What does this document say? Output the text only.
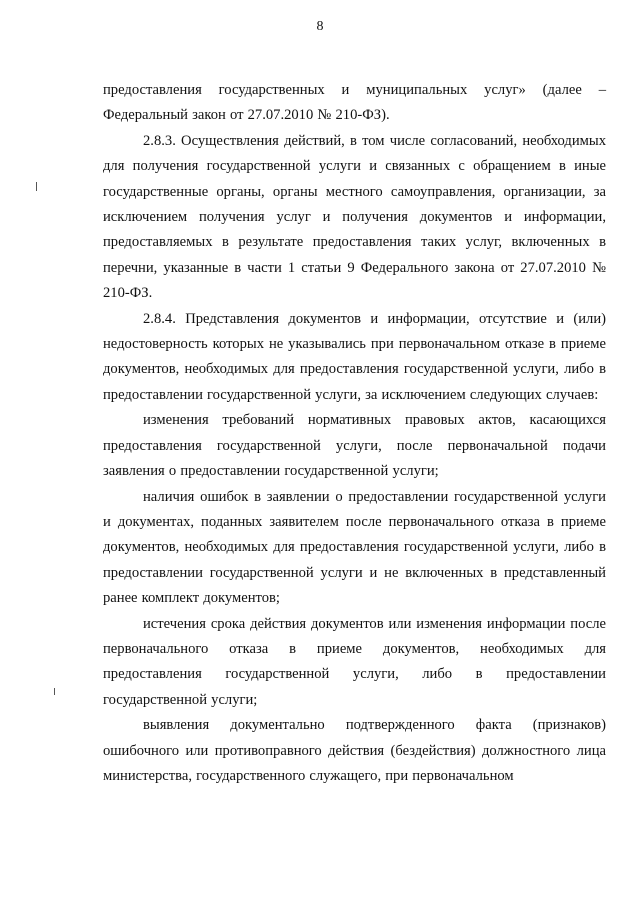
8

предоставления государственных и муниципальных услуг» (далее – Федеральный закон от 27.07.2010 № 210-ФЗ).

2.8.3. Осуществления действий, в том числе согласований, необходимых для получения государственной услуги и связанных с обращением в иные государственные органы, органы местного самоуправления, организации, за исключением получения услуг и получения документов и информации, предоставляемых в результате предоставления таких услуг, включенных в перечни, указанные в части 1 статьи 9 Федерального закона от 27.07.2010 № 210-ФЗ.

2.8.4. Представления документов и информации, отсутствие и (или) недостоверность которых не указывались при первоначальном отказе в приеме документов, необходимых для предоставления государственной услуги, либо в предоставлении государственной услуги, за исключением следующих случаев:

изменения требований нормативных правовых актов, касающихся предоставления государственной услуги, после первоначальной подачи заявления о предоставлении государственной услуги;

наличия ошибок в заявлении о предоставлении государственной услуги и документах, поданных заявителем после первоначального отказа в приеме документов, необходимых для предоставления государственной услуги, либо в предоставлении государственной услуги и не включенных в представленный ранее комплект документов;

истечения срока действия документов или изменения информации после первоначального отказа в приеме документов, необходимых для предоставления государственной услуги, либо в предоставлении государственной услуги;

выявления документально подтвержденного факта (признаков) ошибочного или противоправного действия (бездействия) должностного лица министерства, государственного служащего, при первоначальном
